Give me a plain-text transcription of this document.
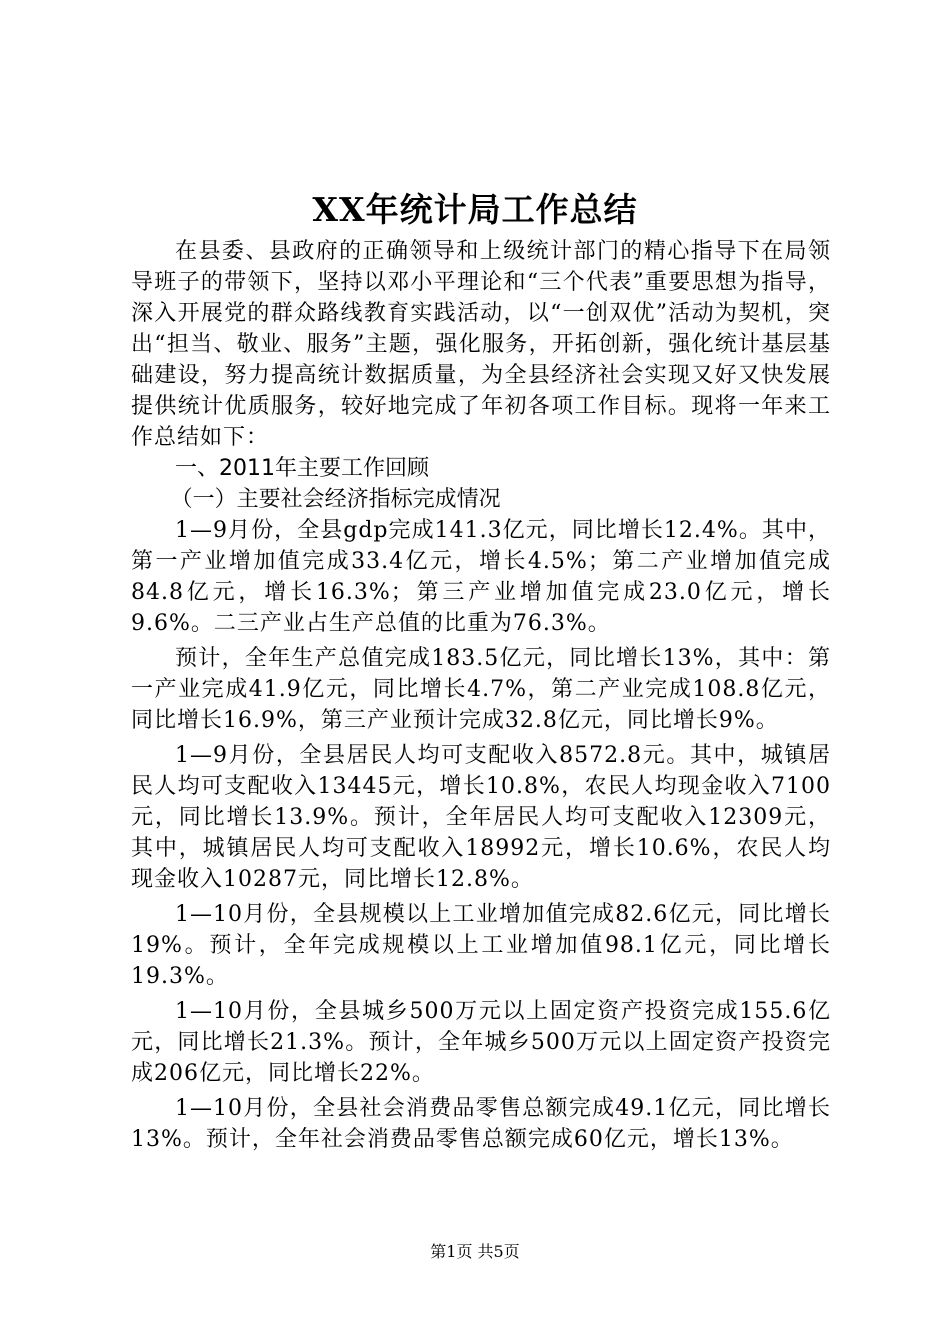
XX年统计局工作总结

在县委、县政府的正确领导和上级统计部门的精心指导下在局领导班子的带领下，坚持以邓小平理论和“三个代表”重要思想为指导，深入开展党的群众路线教育实践活动，以“一创双优”活动为契机，突出“担当、敬业、服务”主题，强化服务，开拓创新，强化统计基层基础建设，努力提高统计数据质量，为全县经济社会实现又好又快发展提供统计优质服务，较好地完成了年初各项工作目标。现将一年来工作总结如下：

一、2011年主要工作回顾

（一）主要社会经济指标完成情况

1—9月份，全县gdp完成141.3亿元，同比增长12.4%。其中，第一产业增加值完成33.4亿元，增长4.5%；第二产业增加值完成84.8亿元，增长16.3%；第三产业增加值完成23.0亿元，增长9.6%。二三产业占生产总值的比重为76.3%。

预计，全年生产总值完成183.5亿元，同比增长13%，其中：第一产业完成41.9亿元，同比增长4.7%，第二产业完成108.8亿元，同比增长16.9%，第三产业预计完成32.8亿元，同比增长9%。

1—9月份，全县居民人均可支配收入8572.8元。其中，城镇居民人均可支配收入13445元，增长10.8%，农民人均现金收入7100元，同比增长13.9%。预计，全年居民人均可支配收入12309元，其中，城镇居民人均可支配收入18992元，增长10.6%，农民人均现金收入10287元，同比增长12.8%。

1—10月份，全县规模以上工业增加值完成82.6亿元，同比增长19%。预计，全年完成规模以上工业增加值98.1亿元，同比增长19.3%。

1—10月份，全县城乡500万元以上固定资产投资完成155.6亿元，同比增长21.3%。预计，全年城乡500万元以上固定资产投资完成206亿元，同比增长22%。

1—10月份，全县社会消费品零售总额完成49.1亿元，同比增长13%。预计，全年社会消费品零售总额完成60亿元，增长13%。

第1页 共5页
